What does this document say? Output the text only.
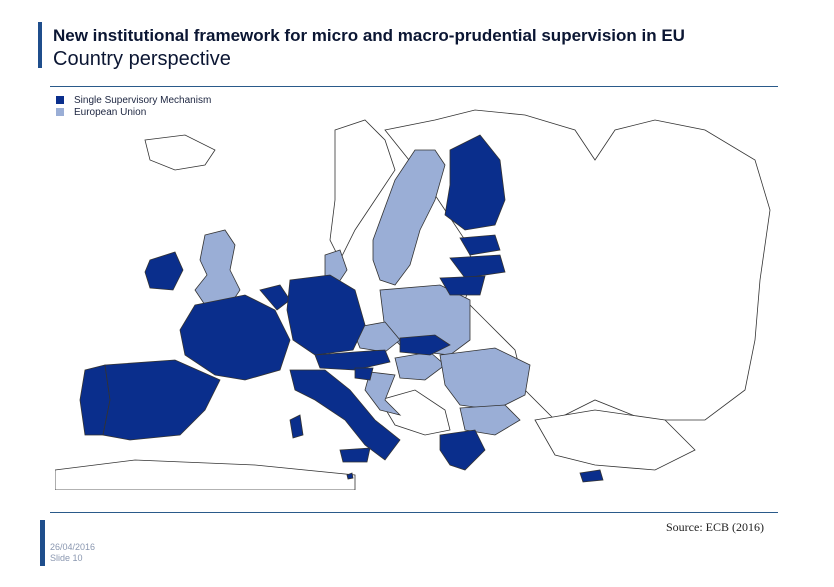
New institutional framework for micro and macro-prudential supervision in EU
Country perspective
Single Supervisory Mechanism
European Union
Source: ECB (2016)
26/04/2016
Slide 10
